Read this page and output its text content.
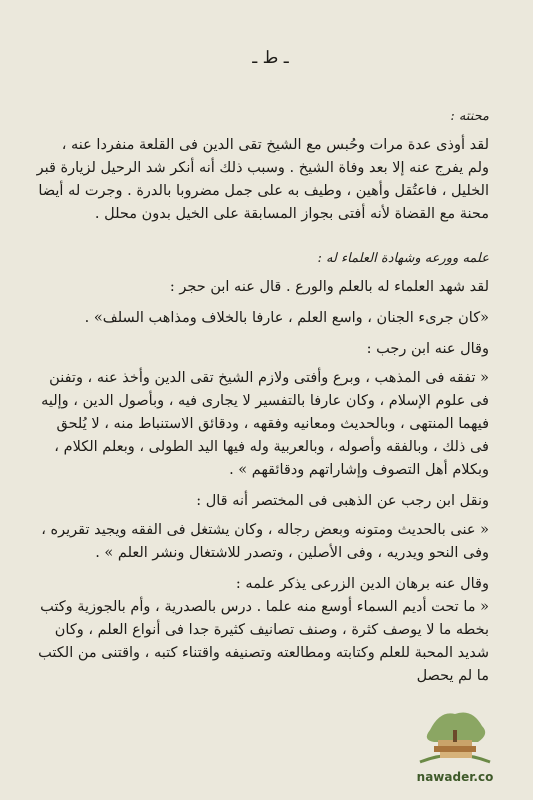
ـ ط ـ
محنته :

لقد أوذى عدة مرات وحُبس مع الشيخ تقى الدين فى القلعة منفردا عنه ،

ولم يفرج عنه إلا بعد وفاة الشيخ . وسبب ذلك أنه أنكر شد الرحيل لزيارة قبر

الخليل ، فاعتُقل وأهين ، وطيف به على جمل مضروبا بالدرة . وجرت له أيضا

محنة مع القضاة لأنه أفتى بجواز المسابقة على الخيل بدون محلل .

علمه وورعه وشهادة العلماء له :

لقد شهد العلماء له بالعلم والورع . قال عنه ابن حجر :

«كان جرىء الجنان ، واسع العلم ، عارفا بالخلاف ومذاهب السلف» .

وقال عنه ابن رجب :

« تفقه فى المذهب ، وبرع وأفتى ولازم الشيخ تقى الدين وأخذ عنه ، وتفنن

فى علوم الإسلام ، وكان عارفا بالتفسير لا يجارى فيه ، وبأصول الدين ، وإليه

فيهما المنتهى ، وبالحديث ومعانيه وفقهه ، ودقائق الاستنباط منه ، لا يُلحق

فى ذلك ، وبالفقه وأصوله ، وبالعربية وله فيها اليد الطولى ، وبعلم الكلام ،

وبكلام أهل التصوف وإشاراتهم ودقائقهم » .

ونقل ابن رجب عن الذهبى فى المختصر أنه قال :

« عنى بالحديث ومتونه وبعض رجاله ، وكان يشتغل فى الفقه ويجيد تقريره ،

وفى النحو ويدريه ، وفى الأصلين ، وتصدر للاشتغال ونشر العلم » .

وقال عنه برهان الدين الزرعى يذكر علمه :

« ما تحت أديم السماء أوسع منه علما . درس بالصدرية ، وأم بالجوزية وكتب

بخطه ما لا يوصف كثرة ، وصنف تصانيف كثيرة جدا فى أنواع العلم ، وكان

شديد المحبة للعلم وكتابته ومطالعته وتصنيفه واقتناء كتبه ، واقتنى من الكتب

ما لم يحصل

nawader.co
